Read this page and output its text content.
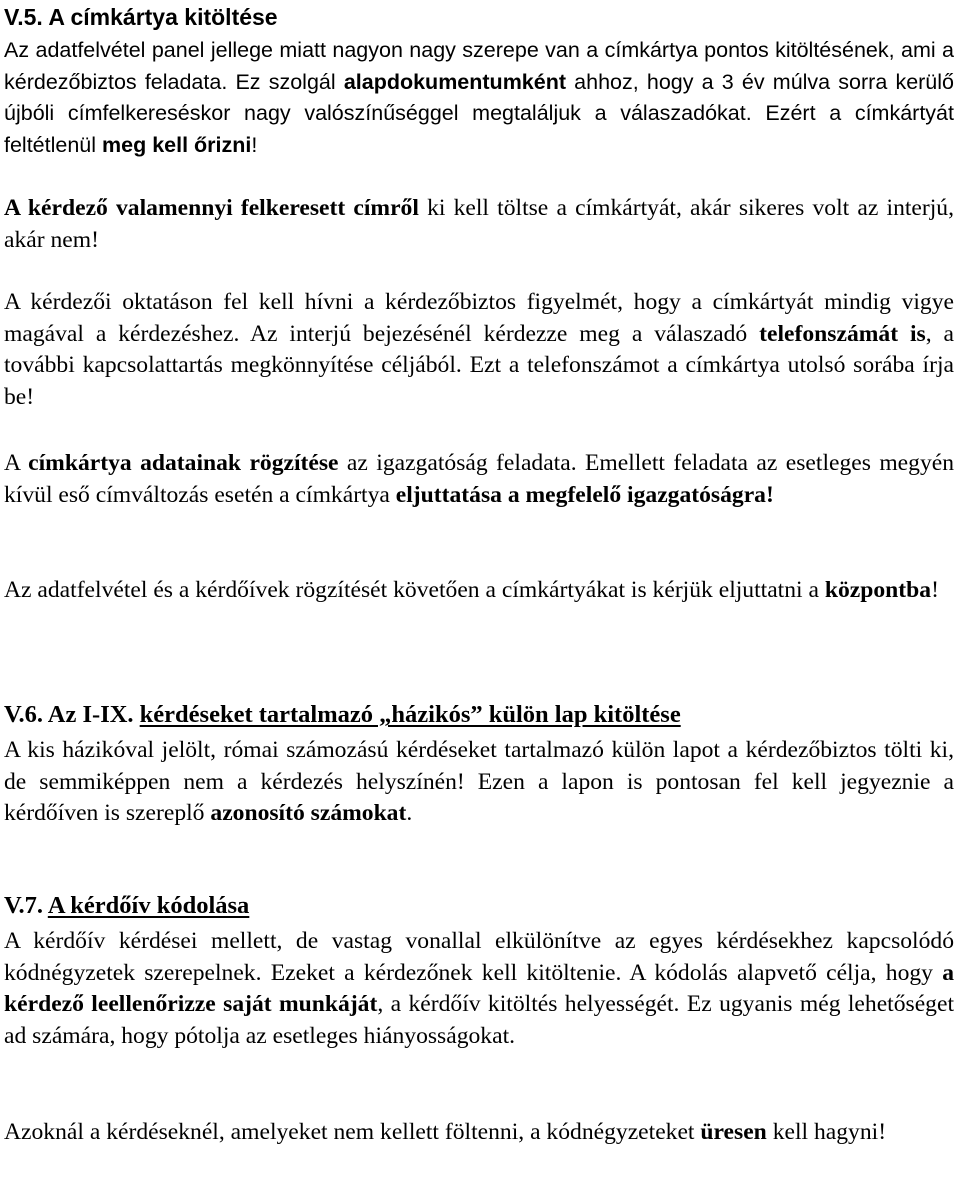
V.5. A címkártya kitöltése

Az adatfelvétel panel jellege miatt nagyon nagy szerepe van a címkártya pontos kitöltésének, ami a kérdezőbiztos feladata. Ez szolgál alapdokumentumként ahhoz, hogy a 3 év múlva sorra kerülő újbóli címfelkereséskor nagy valószínűséggel megtaláljuk a válaszadókat. Ezért a címkártyát feltétlenül meg kell őrizni!

A kérdező valamennyi felkeresett címről ki kell töltse a címkártyát, akár sikeres volt az interjú, akár nem!

A kérdezői oktatáson fel kell hívni a kérdezőbiztos figyelmét, hogy a címkártyát mindig vigye magával a kérdezéshez. Az interjú bejezésénél kérdezze meg a válaszadó telefonszámát is, a további kapcsolattartás megkönnyítése céljából. Ezt a telefonszámot a címkártya utolsó sorába írja be!

A címkártya adatainak rögzítése az igazgatóság feladata. Emellett feladata az esetleges megyén kívül eső címváltozás esetén a címkártya eljuttatása a megfelelő igazgatóságra!

Az adatfelvétel és a kérdőívek rögzítését követően a címkártyákat is kérjük eljuttatni a központba!

V.6. Az I-IX. kérdéseket tartalmazó „házikós” külön lap kitöltése

A kis házikóval jelölt, római számozású kérdéseket tartalmazó külön lapot a kérdezőbiztos tölti ki, de semmiképpen nem a kérdezés helyszínén! Ezen a lapon is pontosan fel kell jegyeznie a kérdőíven is szereplő azonosító számokat.

V.7. A kérdőív kódolása

A kérdőív kérdései mellett, de vastag vonallal elkülönítve az egyes kérdésekhez kapcsolódó kódnégyzetek szerepelnek. Ezeket a kérdezőnek kell kitöltenie. A kódolás alapvető célja, hogy a kérdező leellenőrizze saját munkáját, a kérdőív kitöltés helyességét. Ez ugyanis még lehetőséget ad számára, hogy pótolja az esetleges hiányosságokat.

Azoknál a kérdéseknél, amelyeket nem kellett föltenni, a kódnégyzeteket üresen kell hagyni!
